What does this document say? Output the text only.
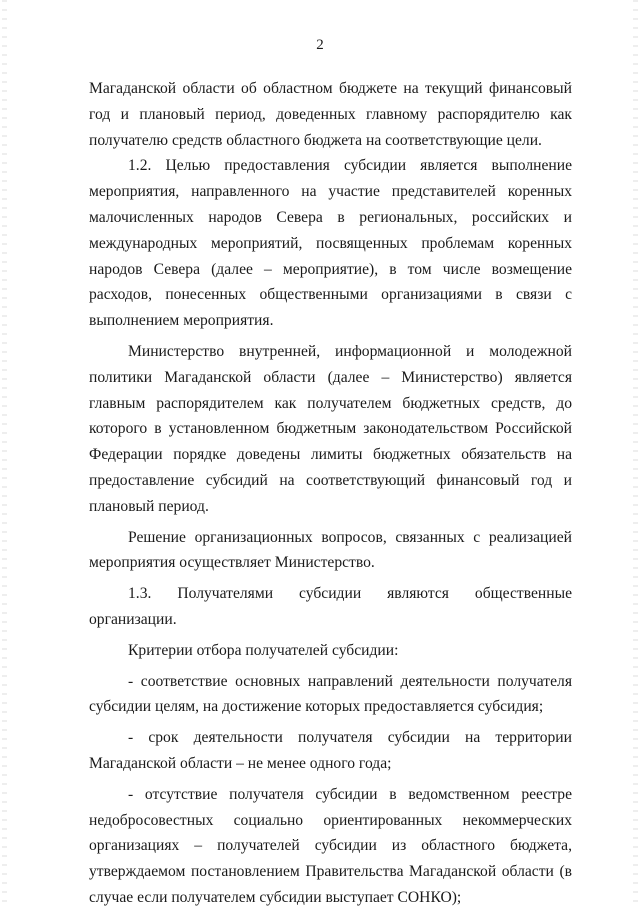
2

Магаданской области об областном бюджете на текущий финансовый год и плановый период, доведенных главному распорядителю как получателю средств областного бюджета на соответствующие цели.

1.2. Целью предоставления субсидии является выполнение мероприятия, направленного на участие представителей коренных малочисленных народов Севера в региональных, российских и международных мероприятий, посвященных проблемам коренных народов Севера (далее – мероприятие), в том числе возмещение расходов, понесенных общественными организациями в связи с выполнением мероприятия.

Министерство внутренней, информационной и молодежной политики Магаданской области (далее – Министерство) является главным распорядителем как получателем бюджетных средств, до которого в установленном бюджетным законодательством Российской Федерации порядке доведены лимиты бюджетных обязательств на предоставление субсидий на соответствующий финансовый год и плановый период.

Решение организационных вопросов, связанных с реализацией мероприятия осуществляет Министерство.

1.3. Получателями субсидии являются общественные организации.

Критерии отбора получателей субсидии:

- соответствие основных направлений деятельности получателя субсидии целям, на достижение которых предоставляется субсидия;

- срок деятельности получателя субсидии на территории Магаданской области – не менее одного года;

- отсутствие получателя субсидии в ведомственном реестре недобросовестных социально ориентированных некоммерческих организациях – получателей субсидии из областного бюджета, утверждаемом постановлением Правительства Магаданской области (в случае если получателем субсидии выступает СОНКО);
